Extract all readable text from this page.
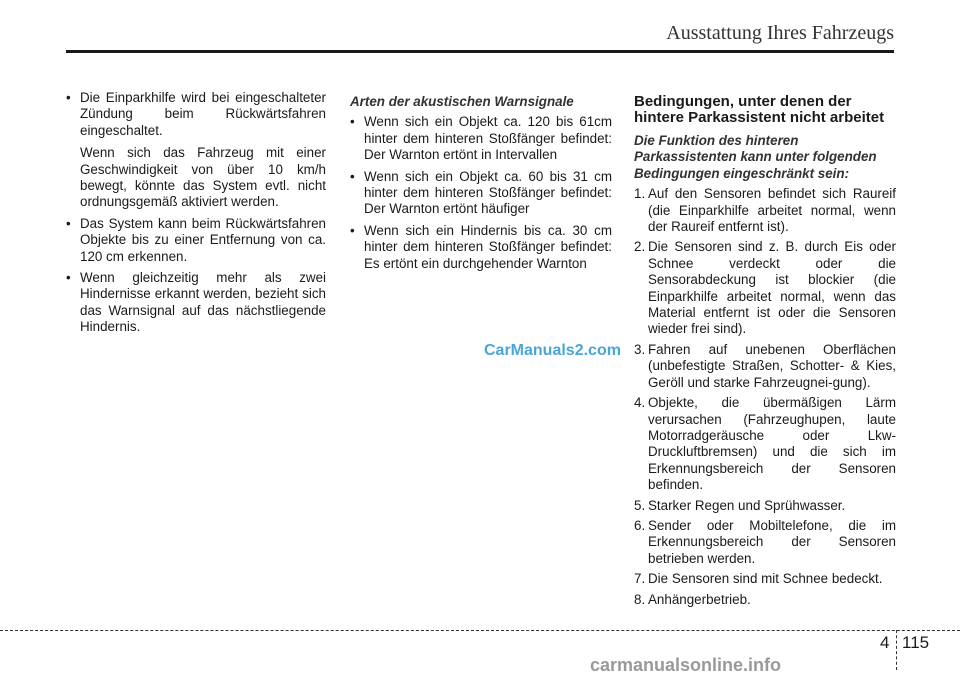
Ausstattung Ihres Fahrzeugs
• Die Einparkhilfe wird bei eingeschalteter Zündung beim Rückwärtsfahren eingeschaltet.
Wenn sich das Fahrzeug mit einer Geschwindigkeit von über 10 km/h bewegt, könnte das System evtl. nicht ordnungsgemäß aktiviert werden.
• Das System kann beim Rückwärtsfahren Objekte bis zu einer Entfernung von ca. 120 cm erkennen.
• Wenn gleichzeitig mehr als zwei Hindernisse erkannt werden, bezieht sich das Warnsignal auf das nächstliegende Hindernis.
Arten der akustischen Warnsignale
• Wenn sich ein Objekt ca. 120 bis 61cm hinter dem hinteren Stoßfänger befindet: Der Warnton ertönt in Intervallen
• Wenn sich ein Objekt ca. 60 bis 31 cm hinter dem hinteren Stoßfänger befindet: Der Warnton ertönt häufiger
• Wenn sich ein Hindernis bis ca. 30 cm hinter dem hinteren Stoßfänger befindet: Es ertönt ein durchgehender Warnton
Bedingungen, unter denen der hintere Parkassistent nicht arbeitet
Die Funktion des hinteren Parkassistenten kann unter folgenden Bedingungen eingeschränkt sein:
1. Auf den Sensoren befindet sich Raureif (die Einparkhilfe arbeitet normal, wenn der Raureif entfernt ist).
2. Die Sensoren sind z. B. durch Eis oder Schnee verdeckt oder die Sensorabdeckung ist blockier (die Einparkhilfe arbeitet normal, wenn das Material entfernt ist oder die Sensoren wieder frei sind).
3. Fahren auf unebenen Oberflächen (unbefestigte Straßen, Schotter- & Kies, Geröll und starke Fahrzeugnei-gung).
4. Objekte, die übermäßigen Lärm verursachen (Fahrzeughupen, laute Motorradgeräusche oder Lkw-Druckluftbremsen) und die sich im Erkennungsbereich der Sensoren befinden.
5. Starker Regen und Sprühwasser.
6. Sender oder Mobiltelefone, die im Erkennungsbereich der Sensoren betrieben werden.
7. Die Sensoren sind mit Schnee bedeckt.
8. Anhängerbetrieb.
CarManuals2.com
4 115
carmanualsonline.info
